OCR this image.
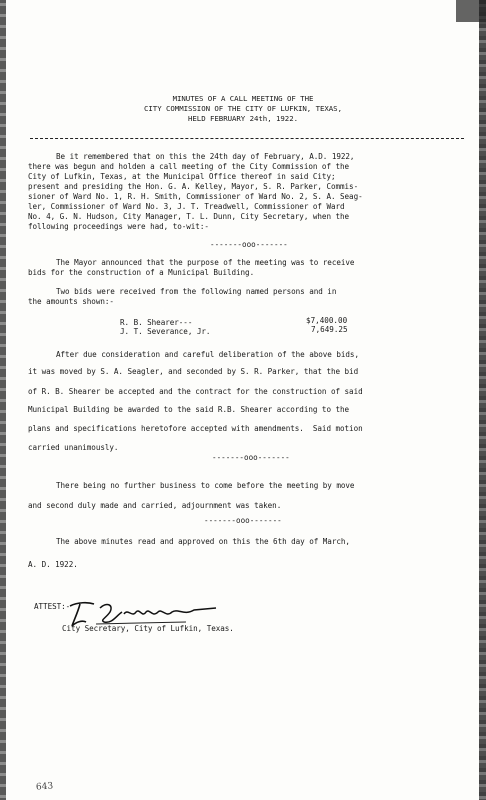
MINUTES OF A CALL MEETING OF THE
CITY COMMISSION OF THE CITY OF LUFKIN, TEXAS,
HELD FEBRUARY 24th, 1922.
Be it remembered that on this the 24th day of February, A.D. 1922,
there was begun and holden a call meeting of the City Commission of the
City of Lufkin, Texas, at the Municipal Office thereof in said City;
present and presiding the Hon. G. A. Kelley, Mayor, S. R. Parker, Commis-
sioner of Ward No. 1, R. H. Smith, Commissioner of Ward No. 2, S. A. Seag-
ler, Commissioner of Ward No. 3, J. T. Treadwell, Commissioner of Ward
No. 4, G. N. Hudson, City Manager, T. L. Dunn, City Secretary, when the
following proceedings were had, to-wit:-
-------ooo-------
The Mayor announced that the purpose of the meeting was to receive
bids for the construction of a Municipal Building.
Two bids were received from the following named persons and in
the amounts shown:-
R. B. Shearer---	$7,400.00
J. T. Severance, Jr.	7,649.25
After due consideration and careful deliberation of the above bids,
it was moved by S. A. Seagler, and seconded by S. R. Parker, that the bid
of R. B. Shearer be accepted and the contract for the construction of said
Municipal Building be awarded to the said R.B. Shearer according to the
plans and specifications heretofore accepted with amendments.  Said motion
carried unanimously.
-------ooo-------
There being no further business to come before the meeting by move
and second duly made and carried, adjournment was taken.
-------ooo-------
The above minutes read and approved on this the 6th day of March,
A. D. 1922.
ATTEST:-
City Secretary, City of Lufkin, Texas.
643
